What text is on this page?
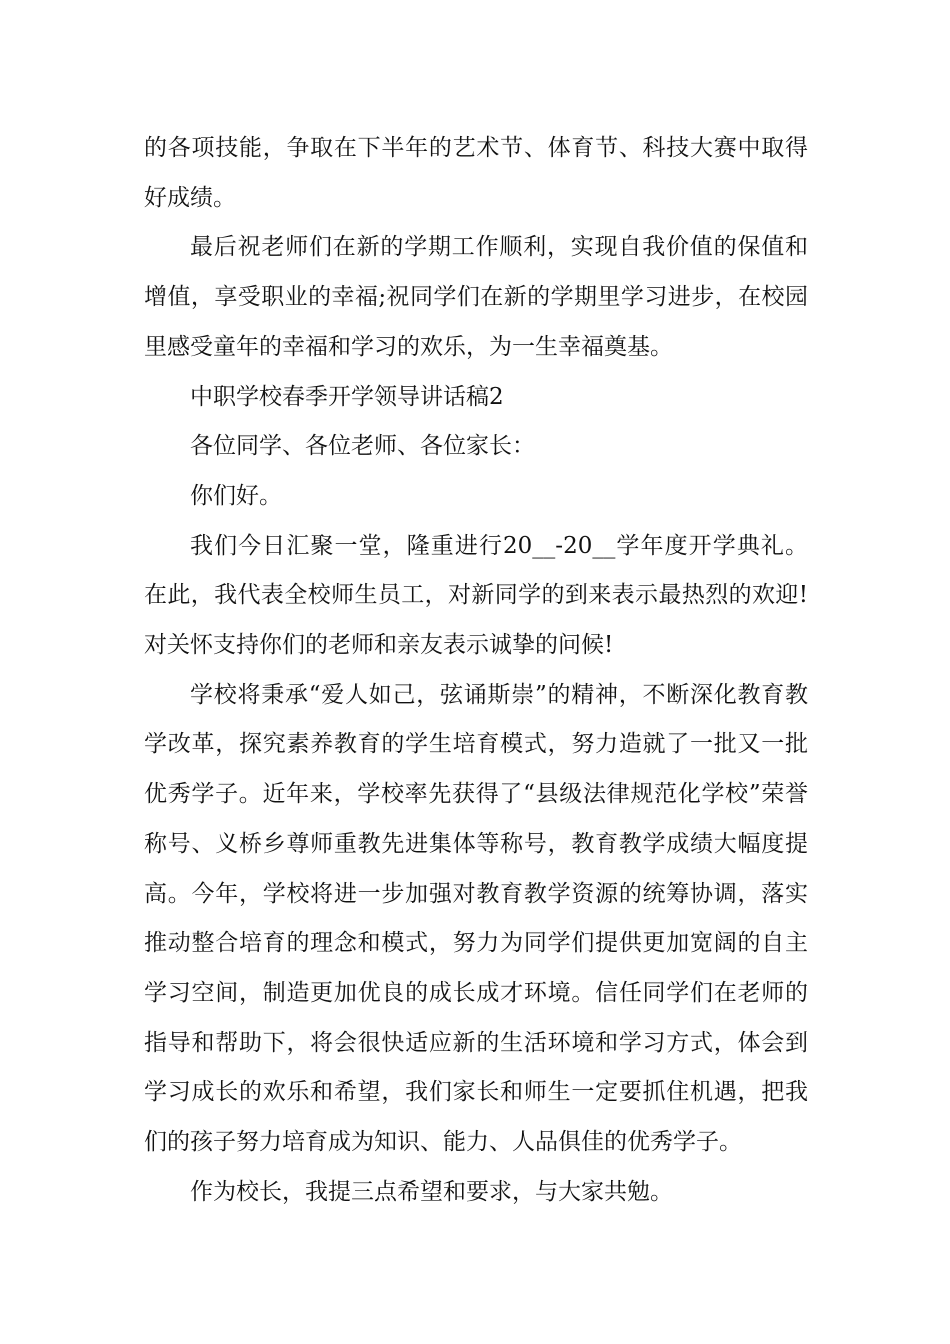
的各项技能，争取在下半年的艺术节、体育节、科技大赛中取得好成绩。

最后祝老师们在新的学期工作顺利，实现自我价值的保值和增值，享受职业的幸福;祝同学们在新的学期里学习进步，在校园里感受童年的幸福和学习的欢乐，为一生幸福奠基。

中职学校春季开学领导讲话稿2

各位同学、各位老师、各位家长：

你们好。

我们今日汇聚一堂，隆重进行20__-20__学年度开学典礼。在此，我代表全校师生员工，对新同学的到来表示最热烈的欢迎!对关怀支持你们的老师和亲友表示诚挚的问候!

学校将秉承“爱人如己，弦诵斯崇”的精神，不断深化教育教学改革，探究素养教育的学生培育模式，努力造就了一批又一批优秀学子。近年来，学校率先获得了“县级法律规范化学校”荣誉称号、义桥乡尊师重教先进集体等称号，教育教学成绩大幅度提高。今年，学校将进一步加强对教育教学资源的统筹协调，落实推动整合培育的理念和模式，努力为同学们提供更加宽阔的自主学习空间，制造更加优良的成长成才环境。信任同学们在老师的指导和帮助下，将会很快适应新的生活环境和学习方式，体会到学习成长的欢乐和希望，我们家长和师生一定要抓住机遇，把我们的孩子努力培育成为知识、能力、人品俱佳的优秀学子。

作为校长，我提三点希望和要求，与大家共勉。
